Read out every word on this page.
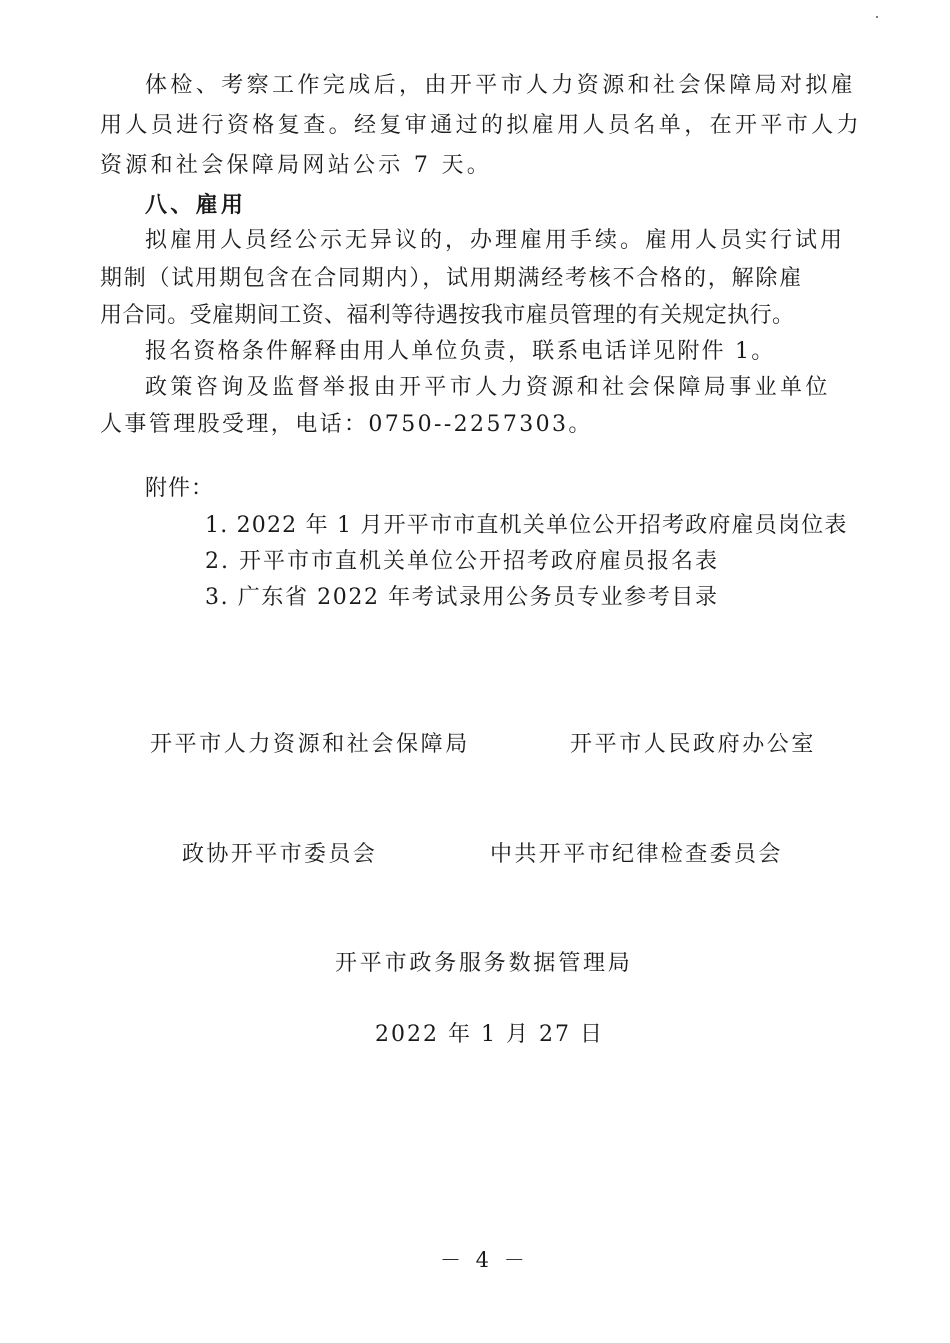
体检、考察工作完成后，由开平市人力资源和社会保障局对拟雇
用人员进行资格复查。经复审通过的拟雇用人员名单，在开平市人力
资源和社会保障局网站公示 7 天。
八、雇用
拟雇用人员经公示无异议的，办理雇用手续。雇用人员实行试用
期制（试用期包含在合同期内），试用期满经考核不合格的，解除雇
用合同。受雇期间工资、福利等待遇按我市雇员管理的有关规定执行。
报名资格条件解释由用人单位负责，联系电话详见附件 1。
政策咨询及监督举报由开平市人力资源和社会保障局事业单位
人事管理股受理，电话：0750--2257303。
附件：
1. 2022 年 1 月开平市市直机关单位公开招考政府雇员岗位表
2. 开平市市直机关单位公开招考政府雇员报名表
3. 广东省 2022 年考试录用公务员专业参考目录
开平市人力资源和社会保障局	开平市人民政府办公室
政协开平市委员会	中共开平市纪律检查委员会
开平市政务服务数据管理局
2022 年 1 月 27 日
－ 4 －
